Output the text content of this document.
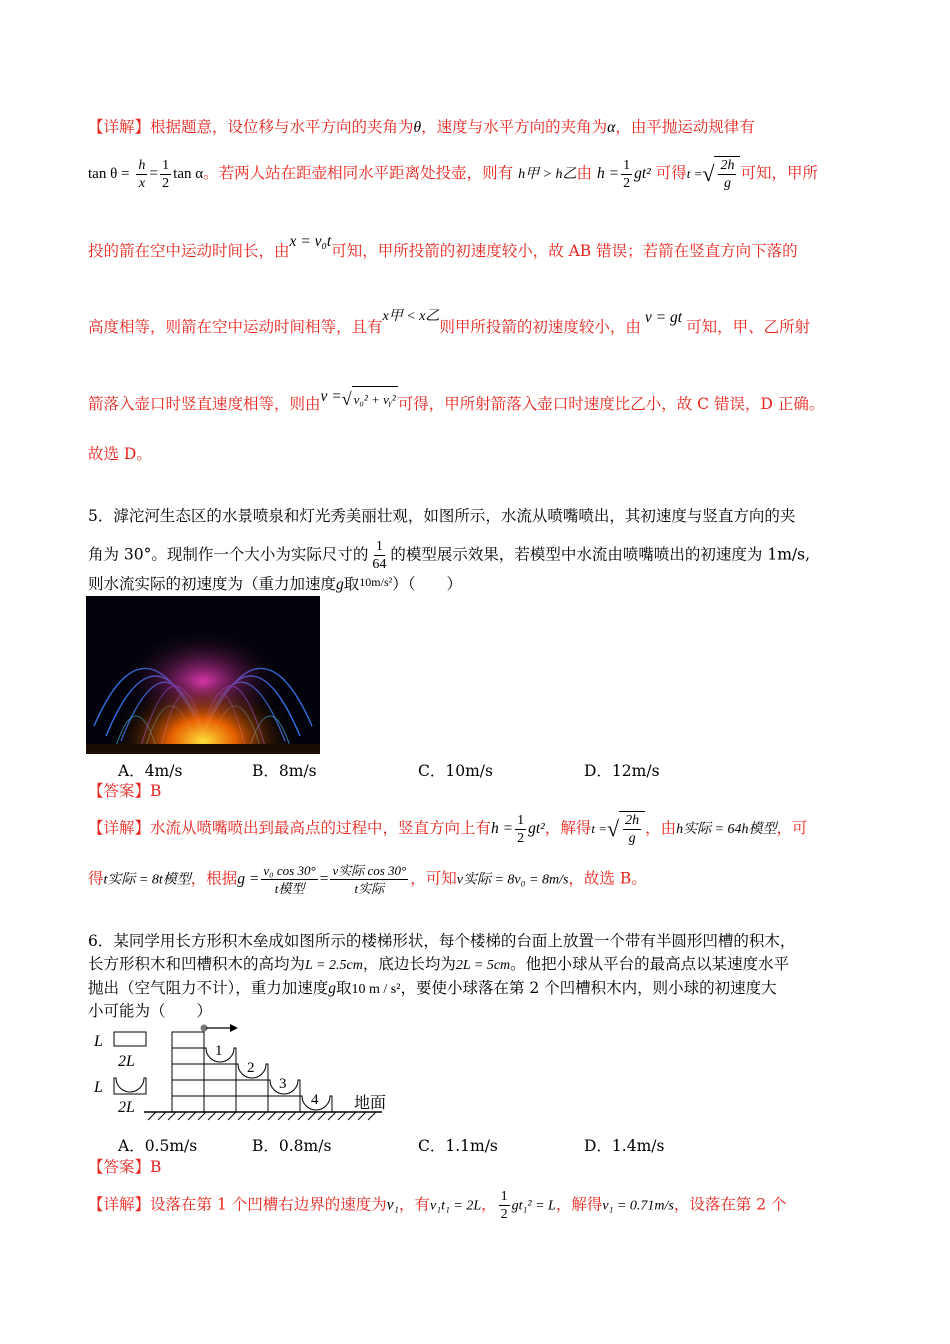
【详解】根据题意，设位移与水平方向的夹角为θ，速度与水平方向的夹角为α，由平抛运动规律有
$\tan \theta = \frac{h}{x} = \frac{1}{2}$ tan α。若两人站在距壶相同水平距离处投壶，则有 h甲 > h乙由 $h = \frac{1}{2} gt^2$ 可得t = √ $\frac{2h}{g}$ 可知，甲所
投的箭在空中运动时间长，由x = v₀t可知，甲所投箭的初速度较小，故 AB 错误；若箭在竖直方向下落的
高度相等，则箭在空中运动时间相等，且有x甲 < x乙则甲所投箭的初速度较小，由v = gt可知，甲、乙所射
箭落入壶口时竖直速度相等，则由v = √ v₀² + vᵧ² 可得，甲所射箭落入壶口时速度比乙小，故 C 错误，D 正确。
故选 D。
5．滹沱河生态区的水景喷泉和灯光秀美丽壮观，如图所示，水流从喷嘴喷出，其初速度与竖直方向的夹
角为 30°。现制作一个大小为实际尺寸的 $\frac{1}{64}$ 的模型展示效果，若模型中水流由喷嘴喷出的初速度为 1m/s,
则水流实际的初速度为（重力加速度g取10m/s²）（　　）
A．4m/s	B．8m/s	C．10m/s	D．12m/s
【答案】B
【详解】水流从喷嘴喷出到最高点的过程中，竖直方向上有$h = \frac{1}{2} gt^2$，解得t = √ $\frac{2h}{g}$ ，由h实际 = 64h模型，可
得t实际 = 8t模型，根据$g = \frac{\text{v₀ cos 30°}}{\text{t模型}} = \frac{\text{v实际 cos 30°}}{\text{t实际}}$ ，可知v实际 = 8v₀ = 8m/s，故选 B。
6．某同学用长方形积木垒成如图所示的楼梯形状，每个楼梯的台面上放置一个带有半圆形凹槽的积木，
长方形积木和凹槽积木的高均为L = 2.5cm，底边长均为2L = 5cm。他把小球从平台的最高点以某速度水平
抛出（空气阻力不计），重力加速度g取10 m / s²，要使小球落在第 2 个凹槽积木内，则小球的初速度大
小可能为（　　）
L
2L
L
2L
1
2
3
4 地面
A．0.5m/s	B．0.8m/s	C．1.1m/s	D．1.4m/s
【答案】B
【详解】设落在第 1 个凹槽右边界的速度为v₁，有v₁t₁ = 2L， $\frac{1}{2} gt_1^2 = L$，解得v₁ = 0.71m/s，设落在第 2 个
